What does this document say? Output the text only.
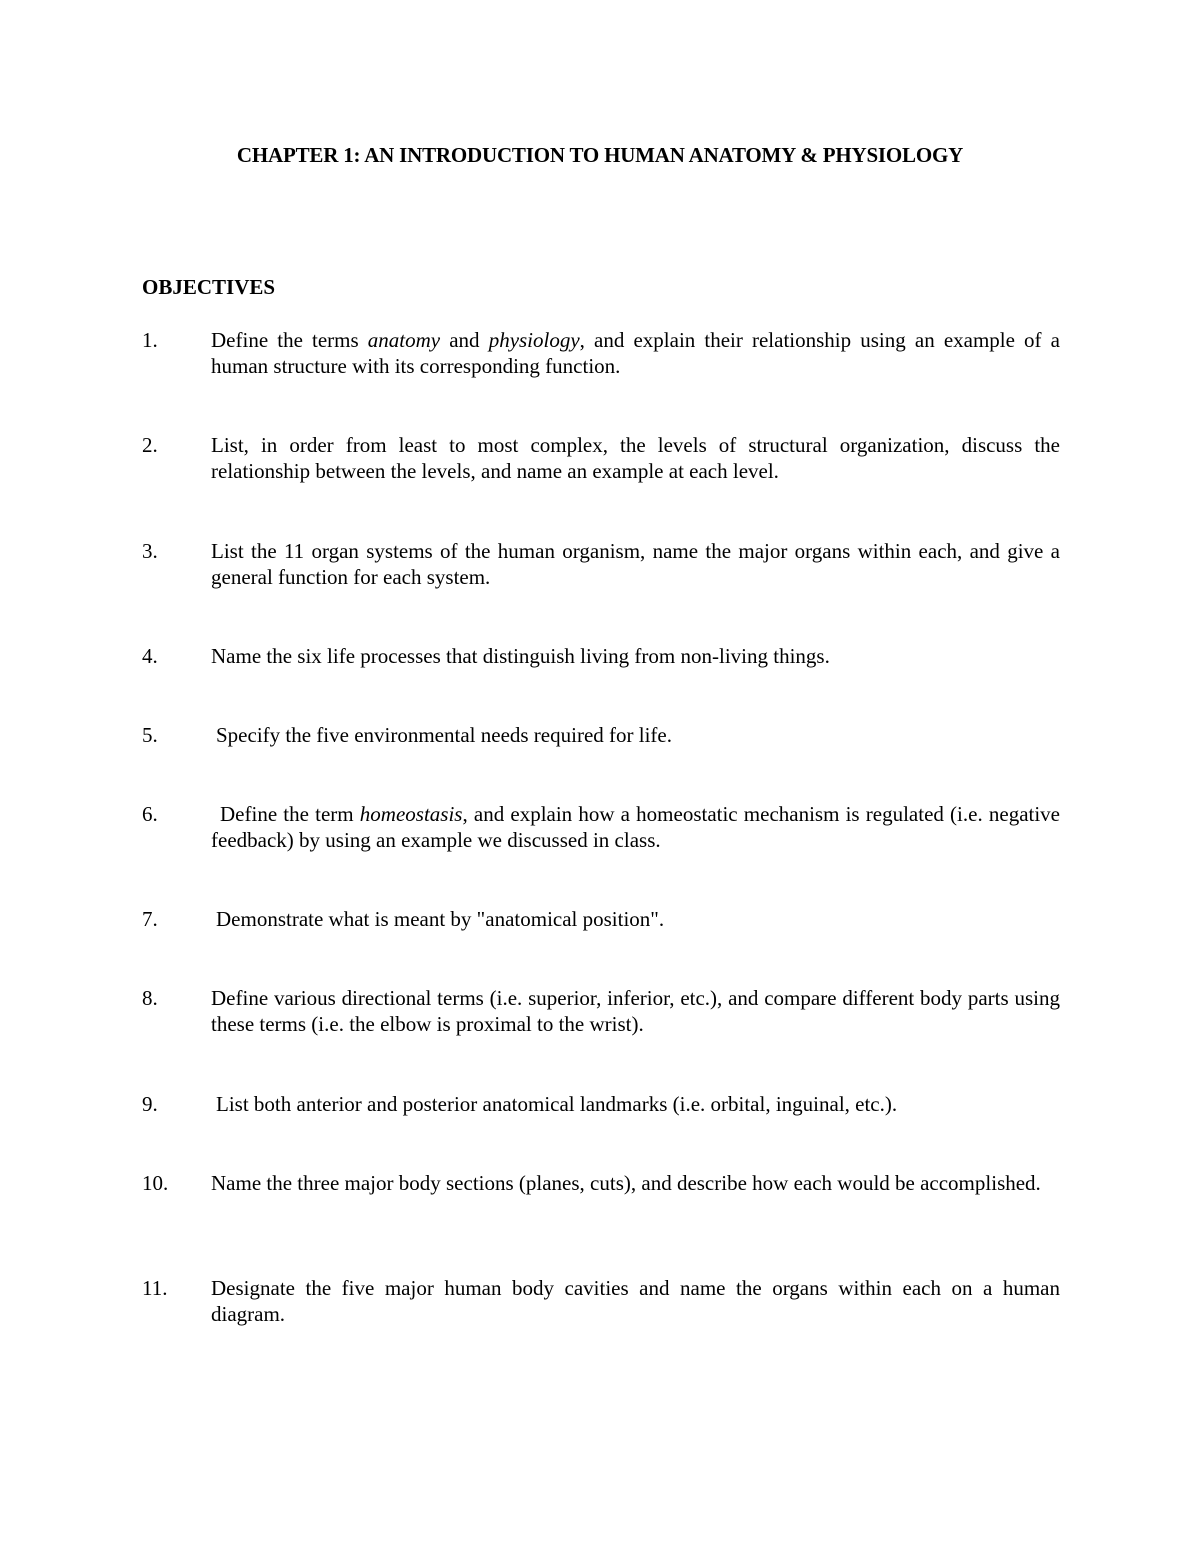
CHAPTER 1: AN INTRODUCTION TO HUMAN ANATOMY & PHYSIOLOGY
OBJECTIVES
1.	Define the terms anatomy and physiology, and explain their relationship using an example of a human structure with its corresponding function.
2.	List, in order from least to most complex, the levels of structural organization, discuss the relationship between the levels, and name an example at each level.
3.	List the 11 organ systems of the human organism, name the major organs within each, and give a general function for each system.
4.	Name the six life processes that distinguish living from non-living things.
5.	Specify the five environmental needs required for life.
6.	Define the term homeostasis, and explain how a homeostatic mechanism is regulated (i.e. negative feedback) by using an example we discussed in class.
7.	Demonstrate what is meant by "anatomical position".
8.	Define various directional terms (i.e. superior, inferior, etc.), and compare different body parts using these terms (i.e. the elbow is proximal to the wrist).
9.	List both anterior and posterior anatomical landmarks (i.e. orbital, inguinal, etc.).
10. Name the three major body sections (planes, cuts), and describe how each would be accomplished.
11. Designate the five major human body cavities and name the organs within each on a human diagram.
